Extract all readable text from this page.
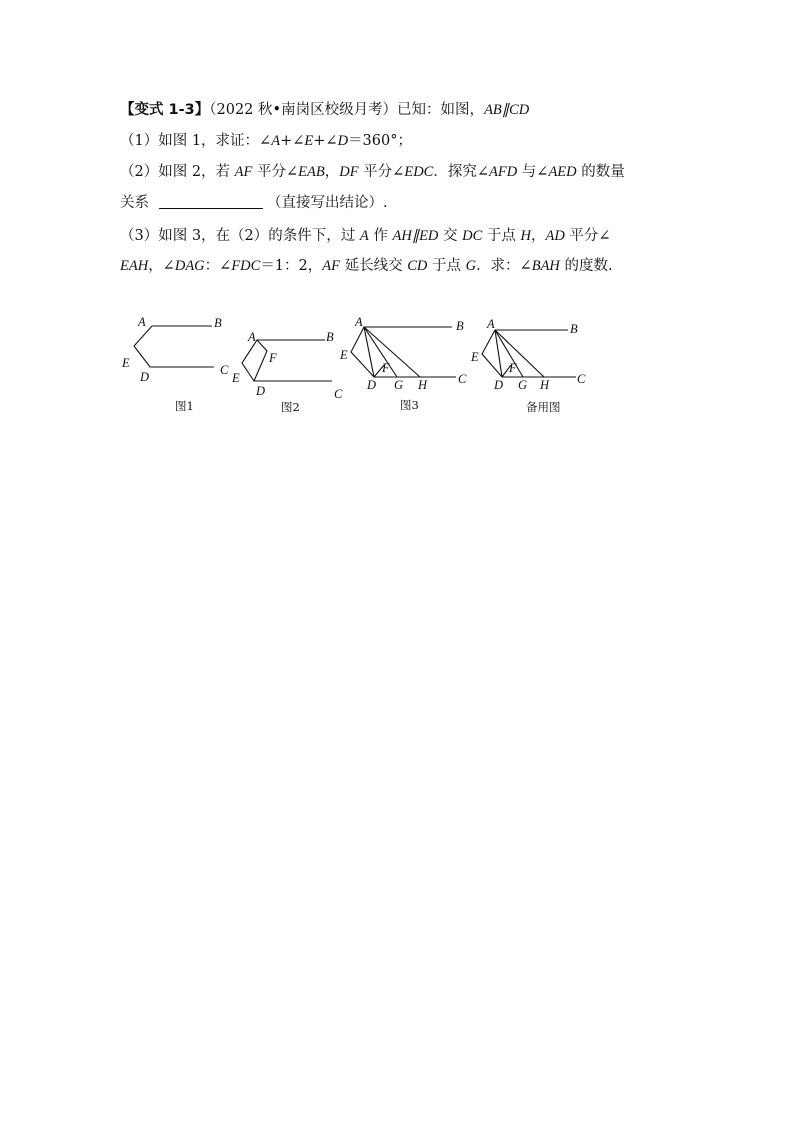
【变式 1-3】（2022 秋•南岗区校级月考）已知：如图，AB∥CD
（1）如图 1，求证：∠A+∠E+∠D＝360°；
（2）如图 2，若 AF 平分∠EAB，DF 平分∠EDC．探究∠AFD 与∠AED 的数量
关系	（直接写出结论）.
（3）如图 3，在（2）的条件下，过 A 作 AH∥ED 交 DC 于点 H，AD 平分∠
EAH，∠DAG：∠FDC＝1：2，AF 延长线交 CD 于点 G．求：∠BAH 的度数.
A	B
E
D	C
图1
A	B
F
E
D	C
图2
A	B
E
F
D G H C
图3
A	B
E
F
D G H C
备用图
